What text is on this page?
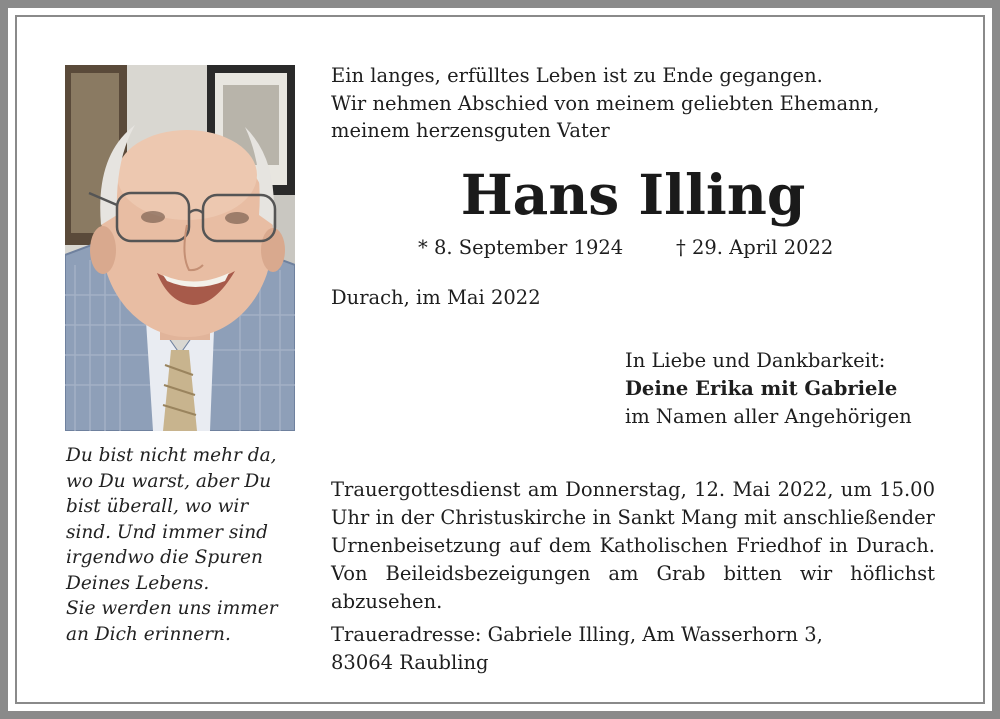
Du bist nicht mehr da,
wo Du warst, aber Du
bist überall, wo wir
sind. Und immer sind
irgendwo die Spuren
Deines Lebens.
Sie werden uns immer
an Dich erinnern.
Ein langes, erfülltes Leben ist zu Ende gegangen.
Wir nehmen Abschied von meinem geliebten Ehemann,
meinem herzensguten Vater
Hans Illing
* 8. September 1924	† 29. April 2022
Durach, im Mai 2022
In Liebe und Dankbarkeit:
Deine Erika mit Gabriele
im Namen aller Angehörigen
Trauergottesdienst am Donnerstag, 12. Mai 2022, um 15.00 Uhr in der Christuskirche in Sankt Mang mit anschließender Urnenbeisetzung auf dem Katholischen Friedhof in Durach. Von Beileidsbezeigungen am Grab bitten wir höflichst abzusehen.
Traueradresse: Gabriele Illing, Am Wasserhorn 3,
83064 Raubling
